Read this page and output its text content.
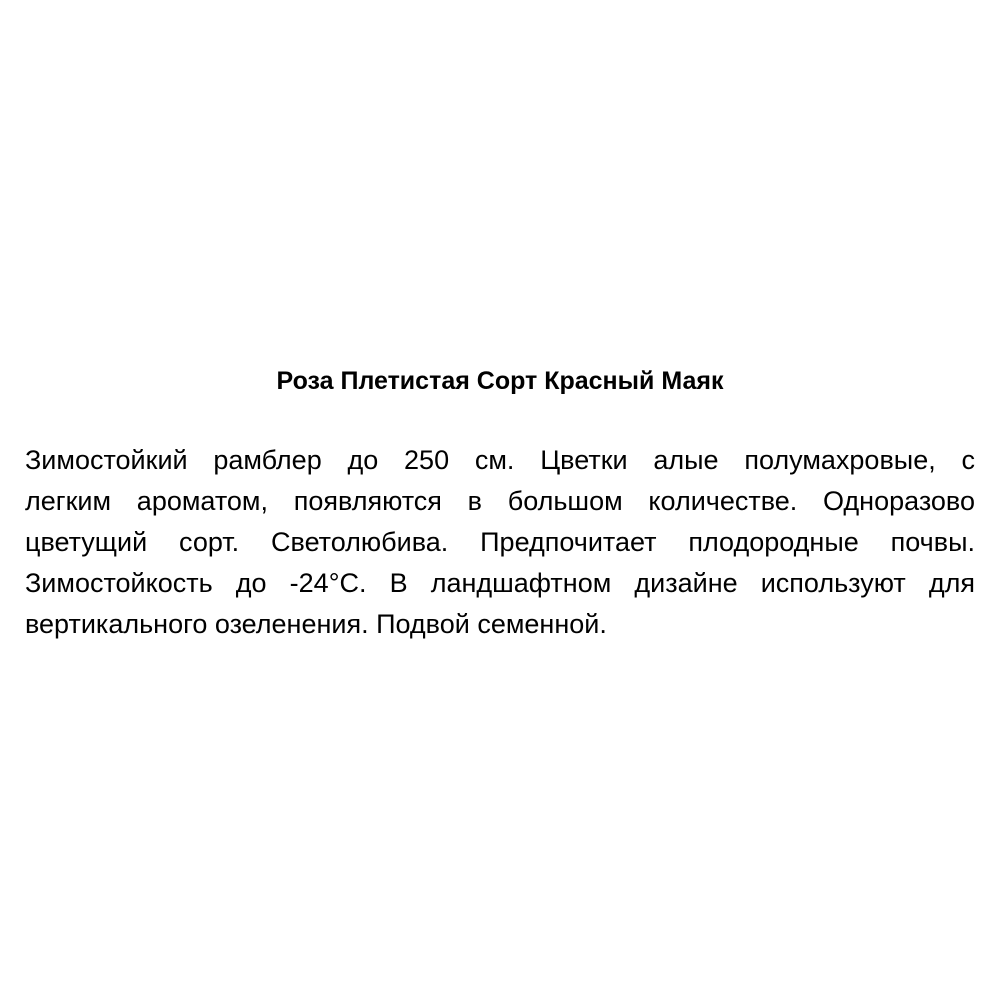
Роза Плетистая Сорт Красный Маяк

Зимостойкий рамблер до 250 см. Цветки алые полумахровые, с
легким ароматом, появляются в большом количестве. Одноразово
цветущий сорт. Светолюбива. Предпочитает плодородные почвы.
Зимостойкость до -24°С. В ландшафтном дизайне используют для
вертикального озеленения. Подвой семенной.
